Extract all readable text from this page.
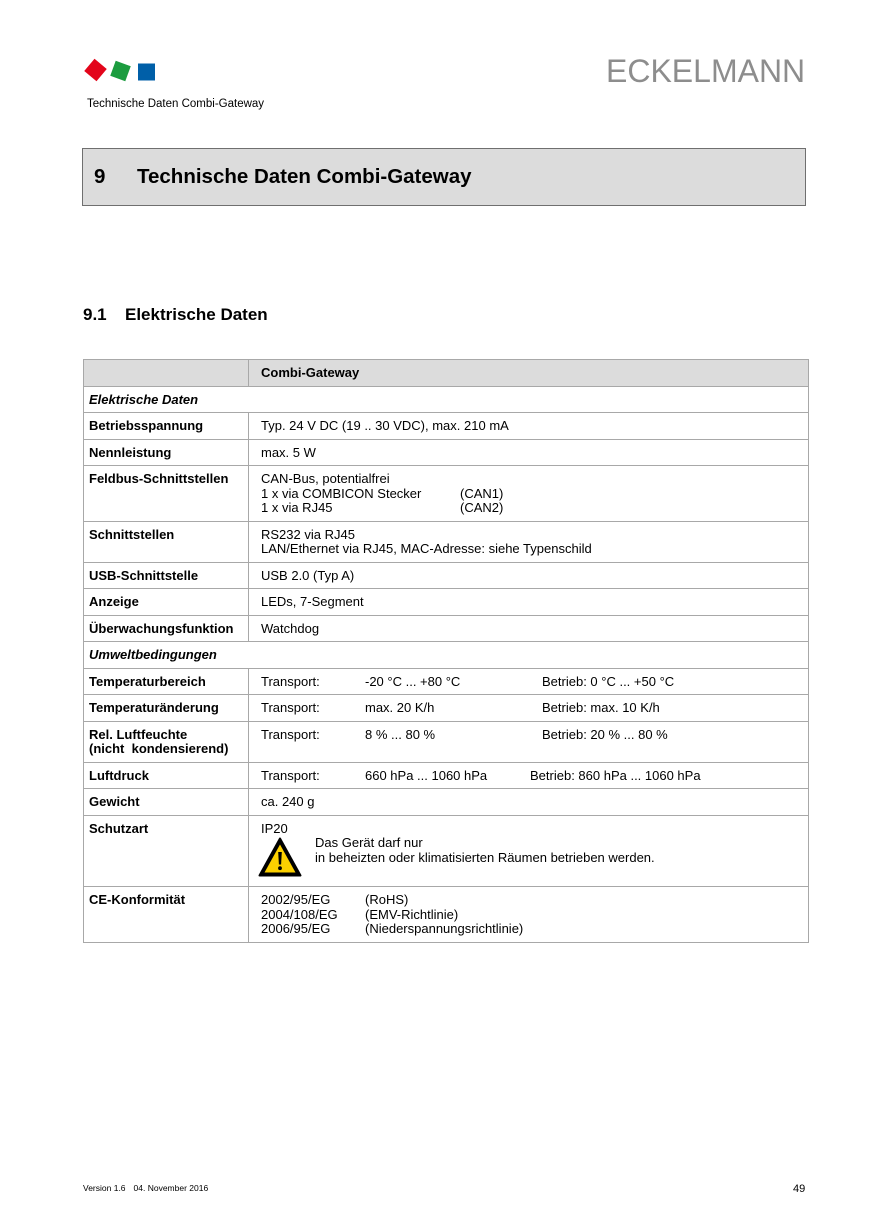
Technische Daten Combi-Gateway
ECKELMANN
9	Technische Daten Combi-Gateway
9.1	Elektrische Daten
	Combi-Gateway
Elektrische Daten
Betriebsspannung	Typ. 24 V DC (19 .. 30 VDC), max. 210 mA
Nennleistung	max. 5 W
Feldbus-Schnittstellen	CAN-Bus, potentialfrei
1 x via COMBICON Stecker	(CAN1)
1 x via RJ45	(CAN2)

Schnittstellen	RS232 via RJ45
LAN/Ethernet via RJ45, MAC-Adresse: siehe Typenschild

USB-Schnittstelle	USB 2.0 (Typ A)
Anzeige	LEDs, 7-Segment
Überwachungsfunktion	Watchdog
Umweltbedingungen
Temperaturbereich	Transport:	-20 °C ... +80 °C	Betrieb: 0 °C ... +50 °C

Temperaturänderung	Transport:	max. 20 K/h	Betrieb: max. 10 K/h

Rel. Luftfeuchte
(nicht  kondensierend)

Transport:	8 % ... 80 %	Betrieb: 20 % ... 80 %

Luftdruck	Transport:	660 hPa ... 1060 hPa	Betrieb: 860 hPa ... 1060 hPa

Gewicht	ca. 240 g
Schutzart	IP20
Das Gerät darf nur
in beheizten oder klimatisierten Räumen betrieben werden.

CE-Konformität	2002/95/EG	(RoHS)
2004/108/EG	(EMV-Richtlinie)
2006/95/EG	(Niederspannungsrichtlinie)
Version 1.6 04. November 2016	49
